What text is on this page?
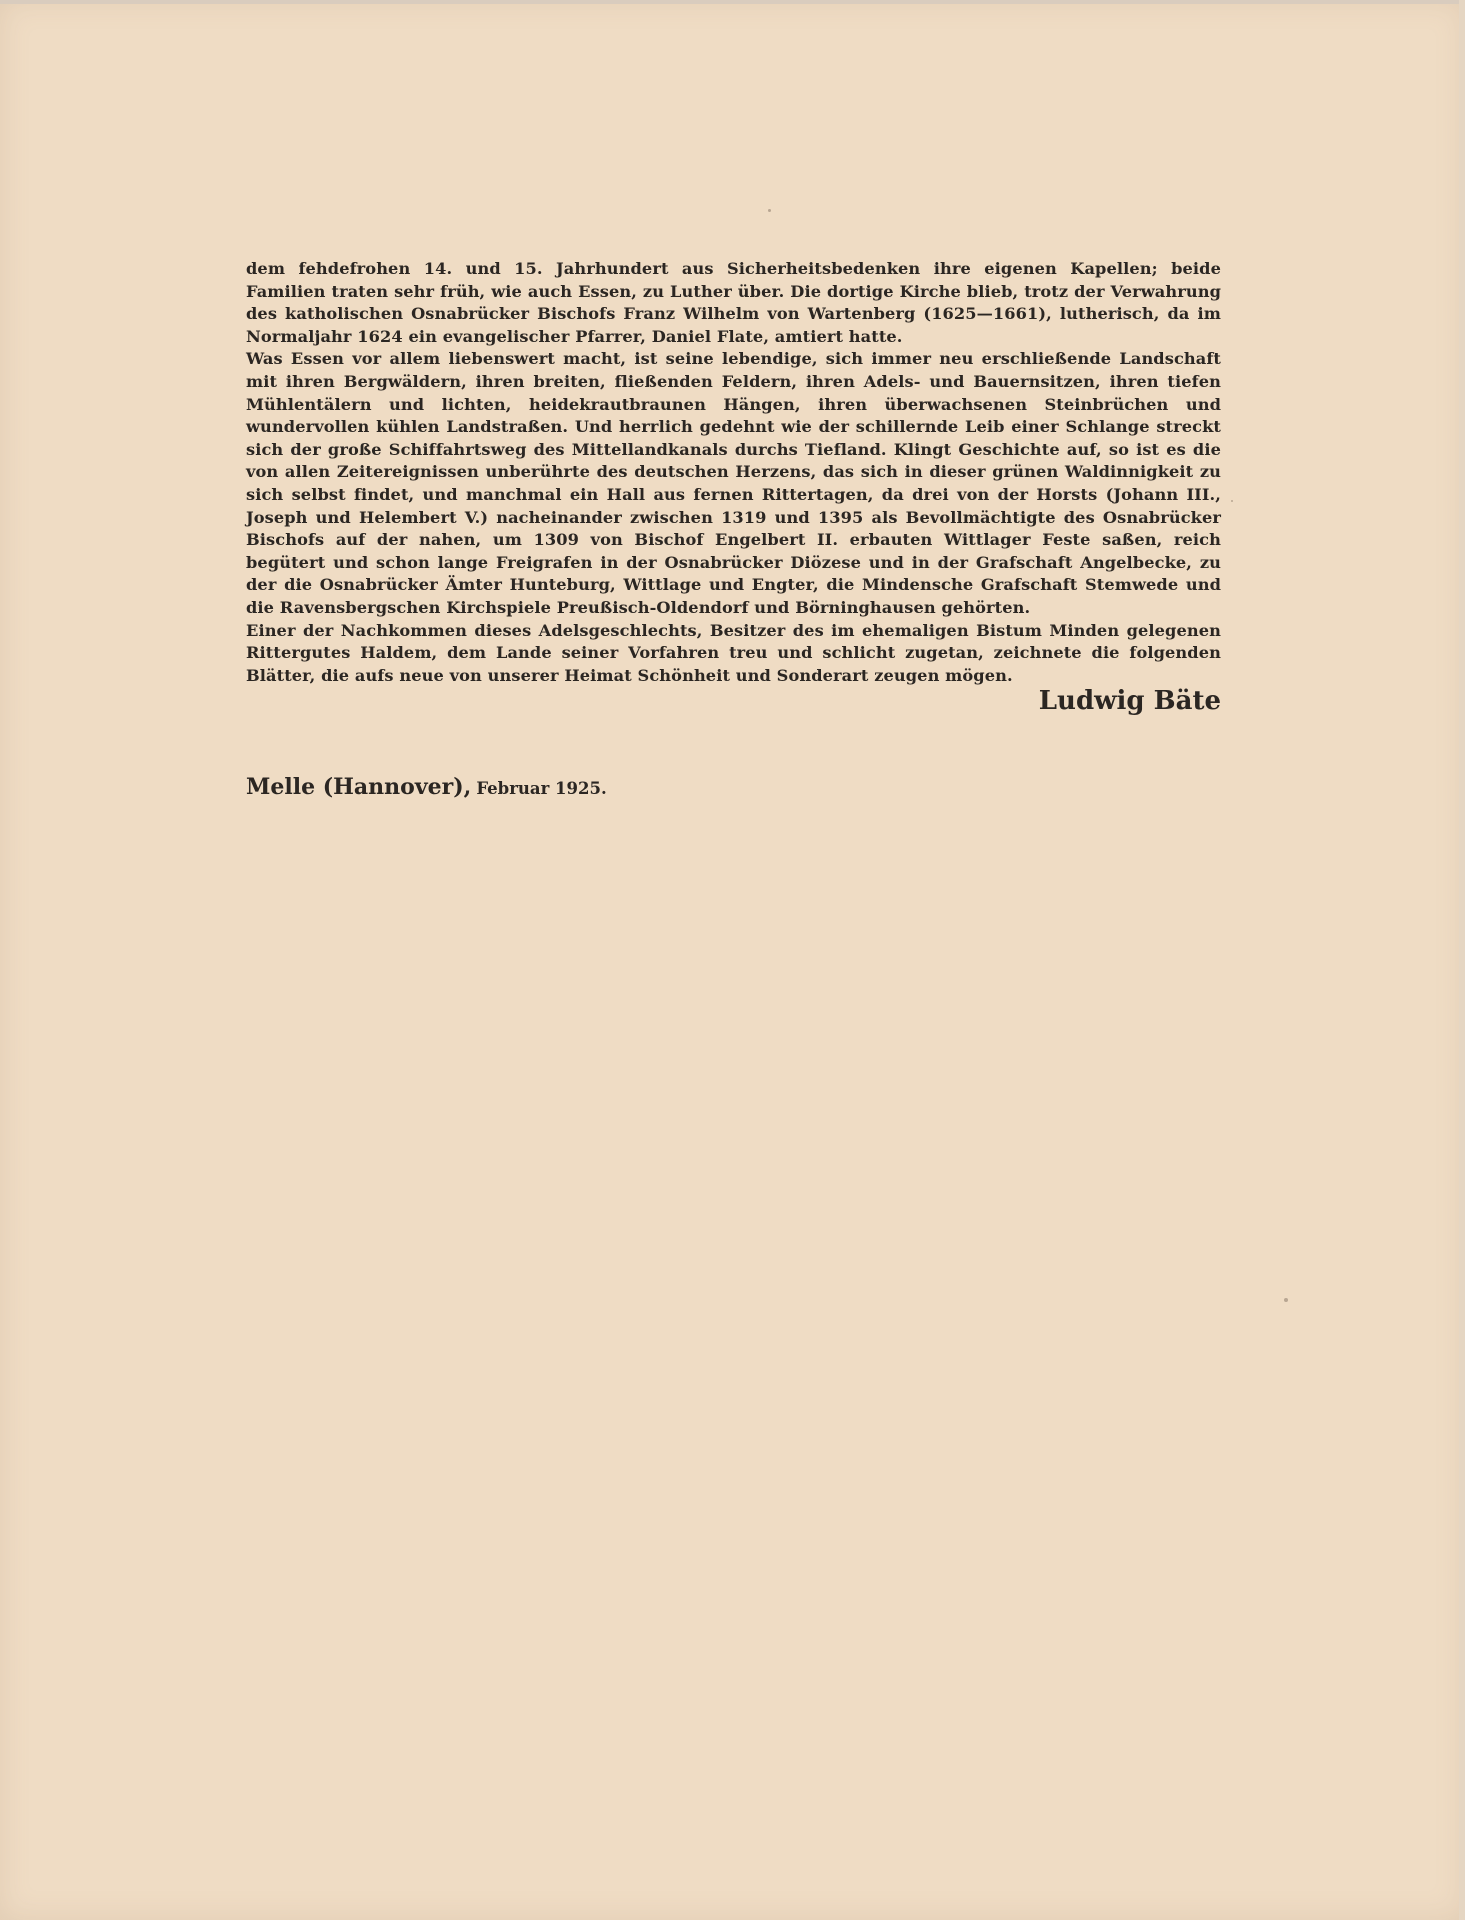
dem fehdefrohen 14. und 15. Jahrhundert aus Sicherheitsbedenken ihre eigenen Kapellen; beide Familien traten sehr früh, wie auch Essen, zu Luther über. Die dortige Kirche blieb, trotz der Verwahrung des katholischen Osnabrücker Bischofs Franz Wilhelm von Wartenberg (1625—1661), lutherisch, da im Normaljahr 1624 ein evangelischer Pfarrer, Daniel Flate, amtiert hatte.

Was Essen vor allem liebenswert macht, ist seine lebendige, sich immer neu erschließende Landschaft mit ihren Bergwäldern, ihren breiten, fließenden Feldern, ihren Adels- und Bauernsitzen, ihren tiefen Mühlentälern und lichten, heidekrautbraunen Hängen, ihren überwachsenen Steinbrüchen und wundervollen kühlen Landstraßen. Und herrlich gedehnt wie der schillernde Leib einer Schlange streckt sich der große Schiffahrtsweg des Mittellandkanals durchs Tiefland. Klingt Geschichte auf, so ist es die von allen Zeitereignissen unberührte des deutschen Herzens, das sich in dieser grünen Waldinnigkeit zu sich selbst findet, und manchmal ein Hall aus fernen Rittertagen, da drei von der Horsts (Johann III., Joseph und Helembert V.) nacheinander zwischen 1319 und 1395 als Bevollmächtigte des Osnabrücker Bischofs auf der nahen, um 1309 von Bischof Engelbert II. erbauten Wittlager Feste saßen, reich begütert und schon lange Freigrafen in der Osnabrücker Diözese und in der Grafschaft Angelbecke, zu der die Osnabrücker Ämter Hunteburg, Wittlage und Engter, die Mindensche Grafschaft Stemwede und die Ravensbergschen Kirchspiele Preußisch-Oldendorf und Börninghausen gehörten.

Einer der Nachkommen dieses Adelsgeschlechts, Besitzer des im ehemaligen Bistum Minden gelegenen Rittergutes Haldem, dem Lande seiner Vorfahren treu und schlicht zugetan, zeichnete die folgenden Blätter, die aufs neue von unserer Heimat Schönheit und Sonderart zeugen mögen.

Ludwig Bäte
Melle (Hannover), Februar 1925.
